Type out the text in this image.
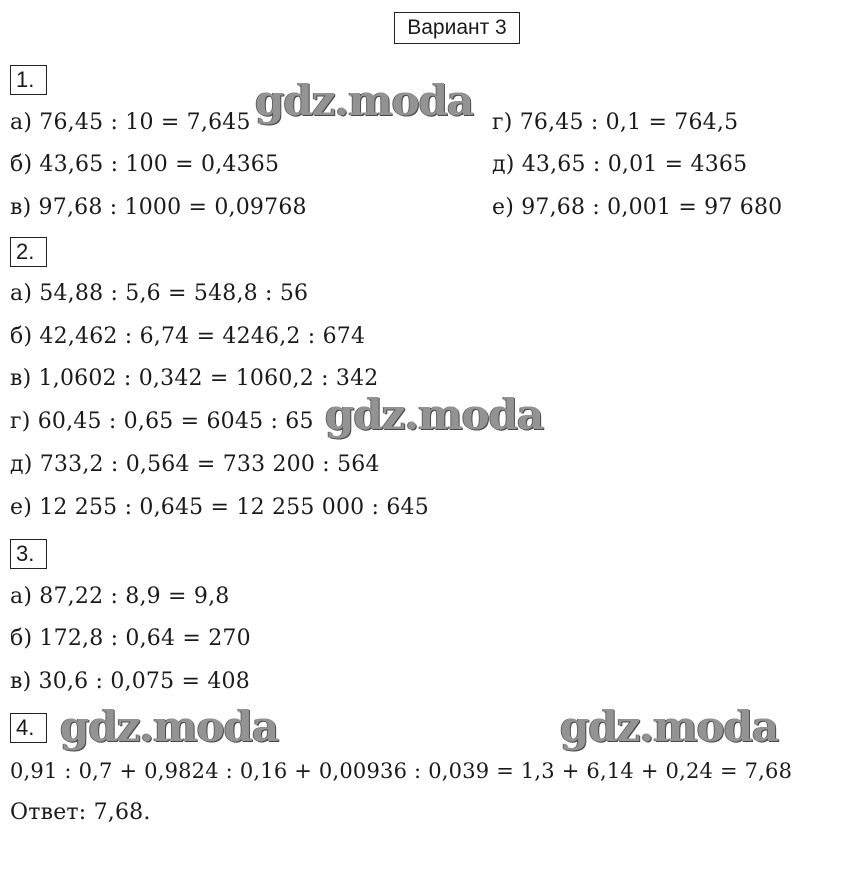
Вариант 3
1.
а) 76,45 : 10 = 7,645
б) 43,65 : 100 = 0,4365
в) 97,68 : 1000 = 0,09768
г) 76,45 : 0,1 = 764,5
д) 43,65 : 0,01 = 4365
е) 97,68 : 0,001 = 97 680
2.
а) 54,88 : 5,6 = 548,8 : 56
б) 42,462 : 6,74 = 4246,2 : 674
в) 1,0602 : 0,342 = 1060,2 : 342
г) 60,45 : 0,65 = 6045 : 65
д) 733,2 : 0,564 = 733 200 : 564
е) 12 255 : 0,645 = 12 255 000 : 645
3.
а) 87,22 : 8,9 = 9,8
б) 172,8 : 0,64 = 270
в) 30,6 : 0,075 = 408
4.
0,91 : 0,7 + 0,9824 : 0,16 + 0,00936 : 0,039 = 1,3 + 6,14 + 0,24 = 7,68
Ответ: 7,68.
gdz.moda
gdz.moda
gdz.moda	gdz.moda
